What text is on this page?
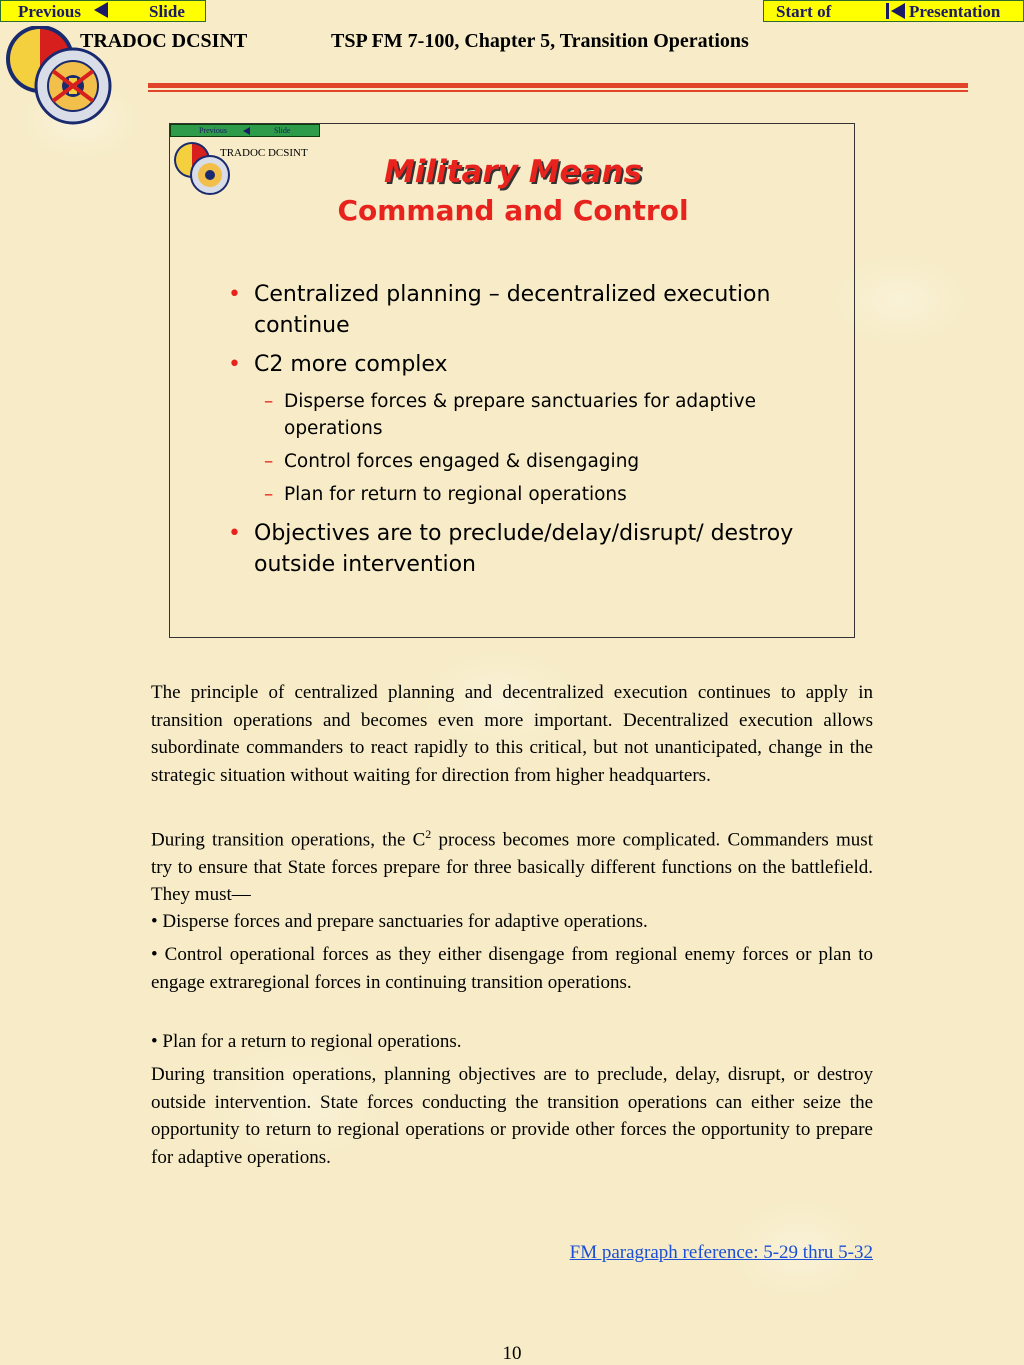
Previous	Slide	Start of	Presentation
TRADOC DCSINT	TSP FM 7-100, Chapter 5, Transition Operations
Previous	Slide
TRADOC DCSINT
Military Means
Command and Control
• Centralized planning – decentralized execution continue
• C2 more complex
– Disperse forces & prepare sanctuaries for adaptive operations
– Control forces engaged & disengaging
– Plan for return to regional operations
• Objectives are to preclude/delay/disrupt/ destroy outside intervention
The principle of centralized planning and decentralized execution continues to apply in transition operations and becomes even more important. Decentralized execution allows subordinate commanders to react rapidly to this critical, but not unanticipated, change in the strategic situation without waiting for direction from higher headquarters.
During transition operations, the $C^2$ process becomes more complicated. Commanders must try to ensure that State forces prepare for three basically different functions on the battlefield. They must—
• Disperse forces and prepare sanctuaries for adaptive operations.
• Control operational forces as they either disengage from regional enemy forces or plan to engage extraregional forces in continuing transition operations.
• Plan for a return to regional operations.
During transition operations, planning objectives are to preclude, delay, disrupt, or destroy outside intervention. State forces conducting the transition operations can either seize the opportunity to return to regional operations or provide other forces the opportunity to prepare for adaptive operations.
FM paragraph reference: 5-29 thru 5-32
10
